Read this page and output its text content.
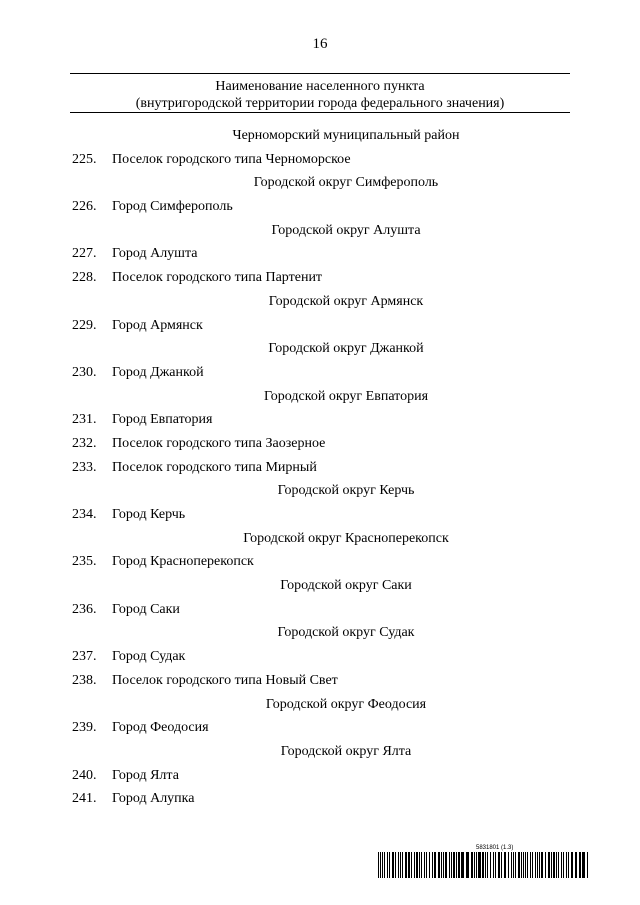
16
Наименование населенного пункта
(внутригородской территории города федерального значения)
Черноморский муниципальный район
225. Поселок городского типа Черноморское
Городской округ Симферополь
226. Город Симферополь
Городской округ Алушта
227. Город Алушта
228. Поселок городского типа Партенит
Городской округ Армянск
229. Город Армянск
Городской округ Джанкой
230. Город Джанкой
Городской округ Евпатория
231. Город Евпатория
232. Поселок городского типа Заозерное
233. Поселок городского типа Мирный
Городской округ Керчь
234. Город Керчь
Городской округ Красноперекопск
235. Город Красноперекопск
Городской округ Саки
236. Город Саки
Городской округ Судак
237. Город Судак
238. Поселок городского типа Новый Свет
Городской округ Феодосия
239. Город Феодосия
Городской округ Ялта
240. Город Ялта
241. Город Алупка
5831801 (1.3)
